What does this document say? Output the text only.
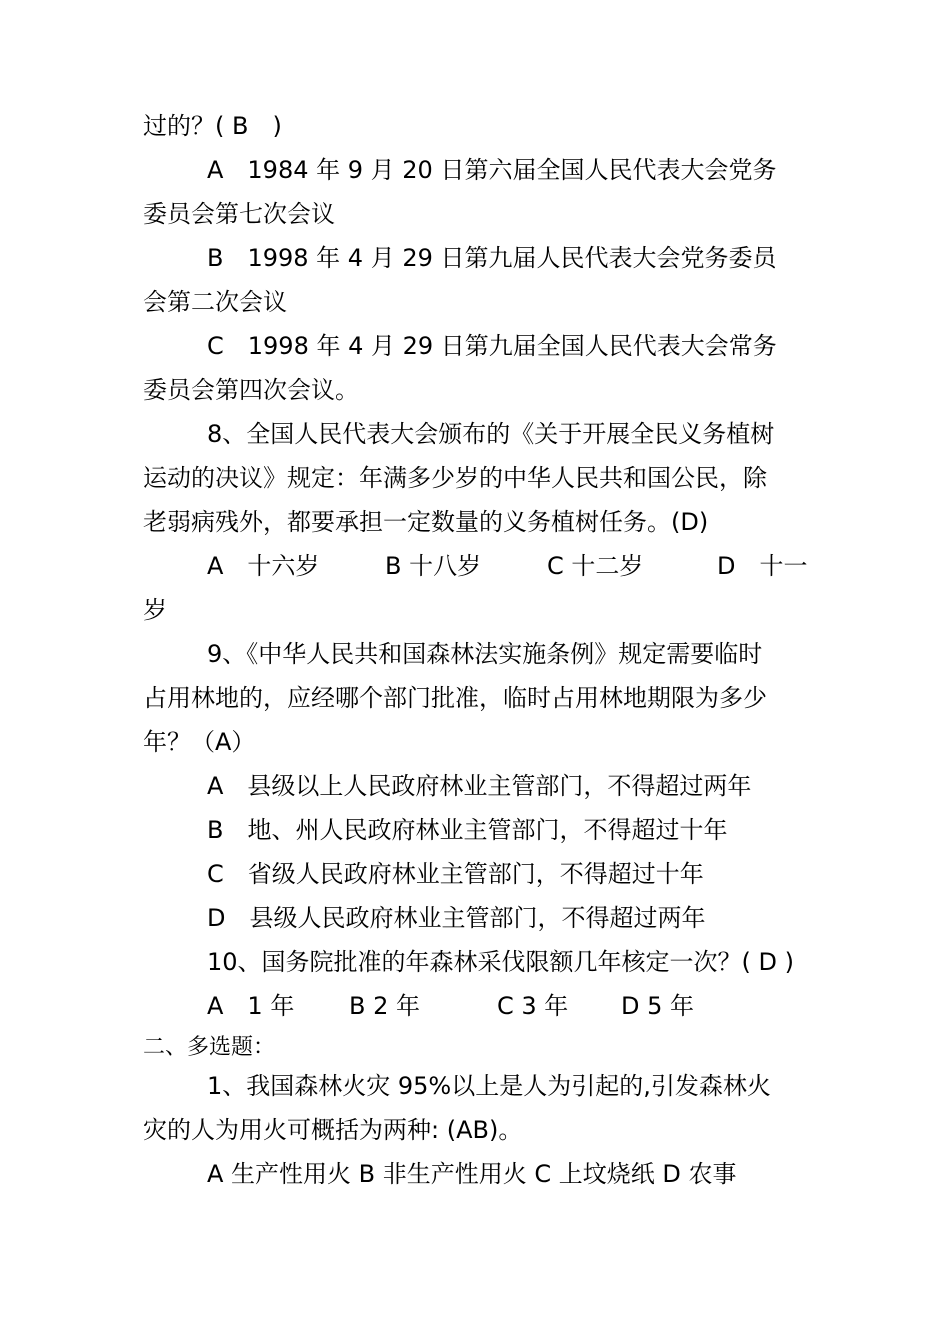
过的？( B　)
A　1984 年 9 月 20 日第六届全国人民代表大会党务
委员会第七次会议
B　1998 年 4 月 29 日第九届人民代表大会党务委员
会第二次会议
C　1998 年 4 月 29 日第九届全国人民代表大会常务
委员会第四次会议。
8、全国人民代表大会颁布的《关于开展全民义务植树
运动的决议》规定：年满多少岁的中华人民共和国公民，除
老弱病残外，都要承担一定数量的义务植树任务。(D)
A　十六岁	B 十八岁	C 十二岁	D　十一
岁
9、《中华人民共和国森林法实施条例》规定需要临时
占用林地的，应经哪个部门批准，临时占用林地期限为多少
年？（A）
A　县级以上人民政府林业主管部门，不得超过两年
B　地、州人民政府林业主管部门，不得超过十年
C　省级人民政府林业主管部门，不得超过十年
D　县级人民政府林业主管部门，不得超过两年
10、国务院批准的年森林采伐限额几年核定一次？( D )
A　1 年	B 2 年	C 3 年	D 5 年
二、多选题：
1、我国森林火灾 95%以上是人为引起的,引发森林火
灾的人为用火可概括为两种: (AB)。
A 生产性用火 B 非生产性用火 C 上坟烧纸 D 农事
